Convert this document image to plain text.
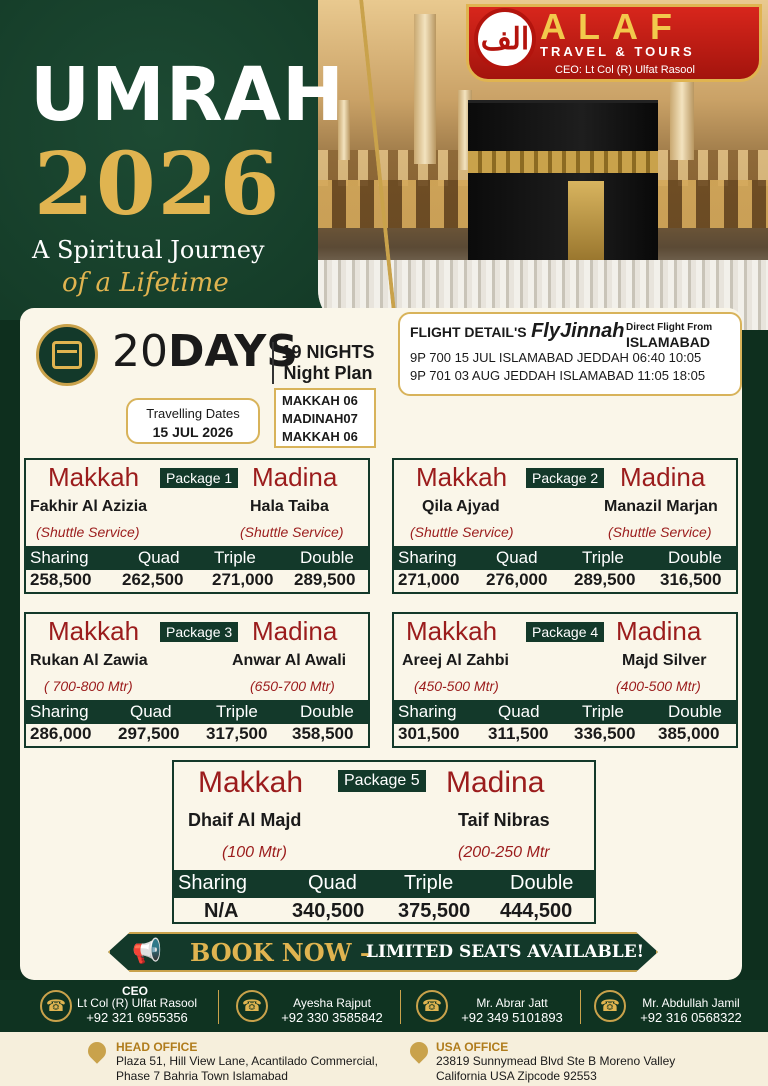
UMRAH
2026
A Spiritual Journey
of a Lifetime
الف ALAF
TRAVEL & TOURS
CEO: Lt Col (R) Ulfat Rasool
20DAYS
19 NIGHTS
Night Plan
Travelling Dates
15 JUL 2026
MAKKAH 06
MADINAH07
MAKKAH 06
FLIGHT DETAIL'S FlyJinnah Direct Flight From
ISLAMABAD
9P 700 15 JUL ISLAMABAD JEDDAH 06:40 10:05
9P 701 03 AUG JEDDAH ISLAMABAD 11:05 18:05
Makkah	Package 1 Madina
Fakhir Al Azizia	Hala Taiba
(Shuttle Service)	(Shuttle Service)
Sharing	Quad Triple	Double
258,500 262,500 271,000 289,500
Makkah	Package 2 Madina
Qila Ajyad	Manazil Marjan
(Shuttle Service)	(Shuttle Service)
Sharing Quad	Triple	Double
271,000 276,000 289,500 316,500
Makkah	Package 3 Madina
Rukan Al Zawia	Anwar Al Awali
( 700-800 Mtr)	(650-700 Mtr)
Sharing Quad	Triple Double
286,000 297,500 317,500 358,500
Makkah	Package 4 Madina
Areej Al Zahbi	Majd Silver
(450-500 Mtr)	(400-500 Mtr)
Sharing Quad Triple	Double
301,500 311,500 336,500 385,000
Makkah	Package 5 Madina
Dhaif Al Majd	Taif Nibras
(100 Mtr)	(200-250 Mtr
Sharing	Quad Triple	Double
N/A	340,500 375,500 444,500
📢 BOOK NOW –
LIMITED SEATS AVAILABLE!
☎
CEO
Lt Col (R) Ulfat Rasool
+92 321 6955356
☎	Ayesha Rajput
+92 330 3585842
☎	Mr. Abrar Jatt
+92 349 5101893
☎	Mr. Abdullah Jamil
+92 316 0568322
HEAD OFFICE
Plaza 51, Hill View Lane, Acantilado Commercial,
Phase 7 Bahria Town Islamabad
USA OFFICE
23819 Sunnymead Blvd Ste B Moreno Valley
California USA Zipcode 92553
